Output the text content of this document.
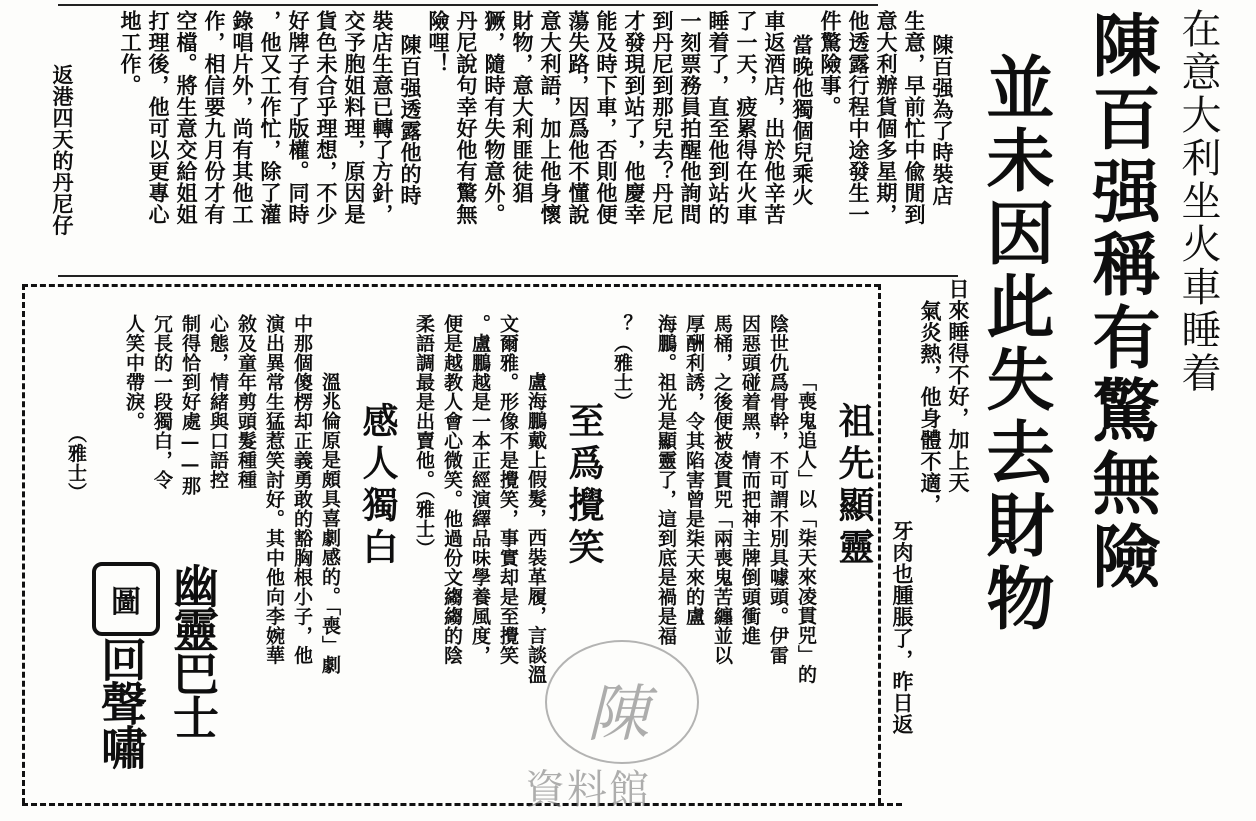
在意大利坐火車睡着
陳百强稱有驚無險
並未因此失去財物
陳百强為了時裝店
生意，早前忙中偸閒到
意大利辦貨個多星期，
他透露行程中途發生一
件驚險事。
當晚他獨個兒乘火
車返酒店，出於他辛苦
了一天，疲累得在火車
睡着了，直至他到站的
一刻票務員拍醒他詢問
到丹尼到那兒去？丹尼
才發現到站了，他慶幸
能及時下車，否則他便
蕩失路，因爲他不懂說
意大利語，加上他身懷
財物，意大利匪徒猖
獗，隨時有失物意外。
丹尼說句幸好他有驚無
險哩！
陳百强透露他的時
裝店生意已轉了方針，
交予胞姐料理，原因是
貨色未合乎理想，不少
好牌子有了版權。同時
，他又工作忙，除了灌
錄唱片外，尚有其他工
作，相信要九月份才有
空檔。將生意交給姐姐
打理後，他可以更專心
地工作。
返港四天的丹尼仔
日來睡得不好，加上天
氣炎熱，他身體不適，
牙肉也腫脹了，昨日返
祖先顯靈
「喪鬼追人」以「柒天來凌貫兕」的
陰世仇爲骨幹，不可謂不別具噱頭。伊雷
因惡頭碰着黑，情而把神主牌倒頭衝進
馬桶，之後便被凌貫兕「兩喪鬼苦纏並以
厚酬利誘，令其陷害曾是柒天來的盧
海鵬。祖光是顯靈了，這到底是禍是福
？（雅士）
至爲攪笑
盧海鵬戴上假髮，西裝革履，言談溫
文爾雅。形像不是攪笑，事實却是至攪笑
。盧鵬越是一本正經演繹品味學養風度，
便是越教人會心微笑。他過份文縐縐的陰
柔語調最是出賣他。（雅士）
感人獨白
溫兆倫原是頗具喜劇感的。「喪」劇
中那個傻楞却正義勇敢的豁胸根小子，他
演出異常生猛惹笑討好。其中他向李婉華
敘及童年剪頭髮種種
心態，情緒與口語控
制得恰到好處——那
冗長的一段獨白，令
人笑中帶淚。
（雅士）
圖 幽靈巴士
回聲嘯	陳
資料館
